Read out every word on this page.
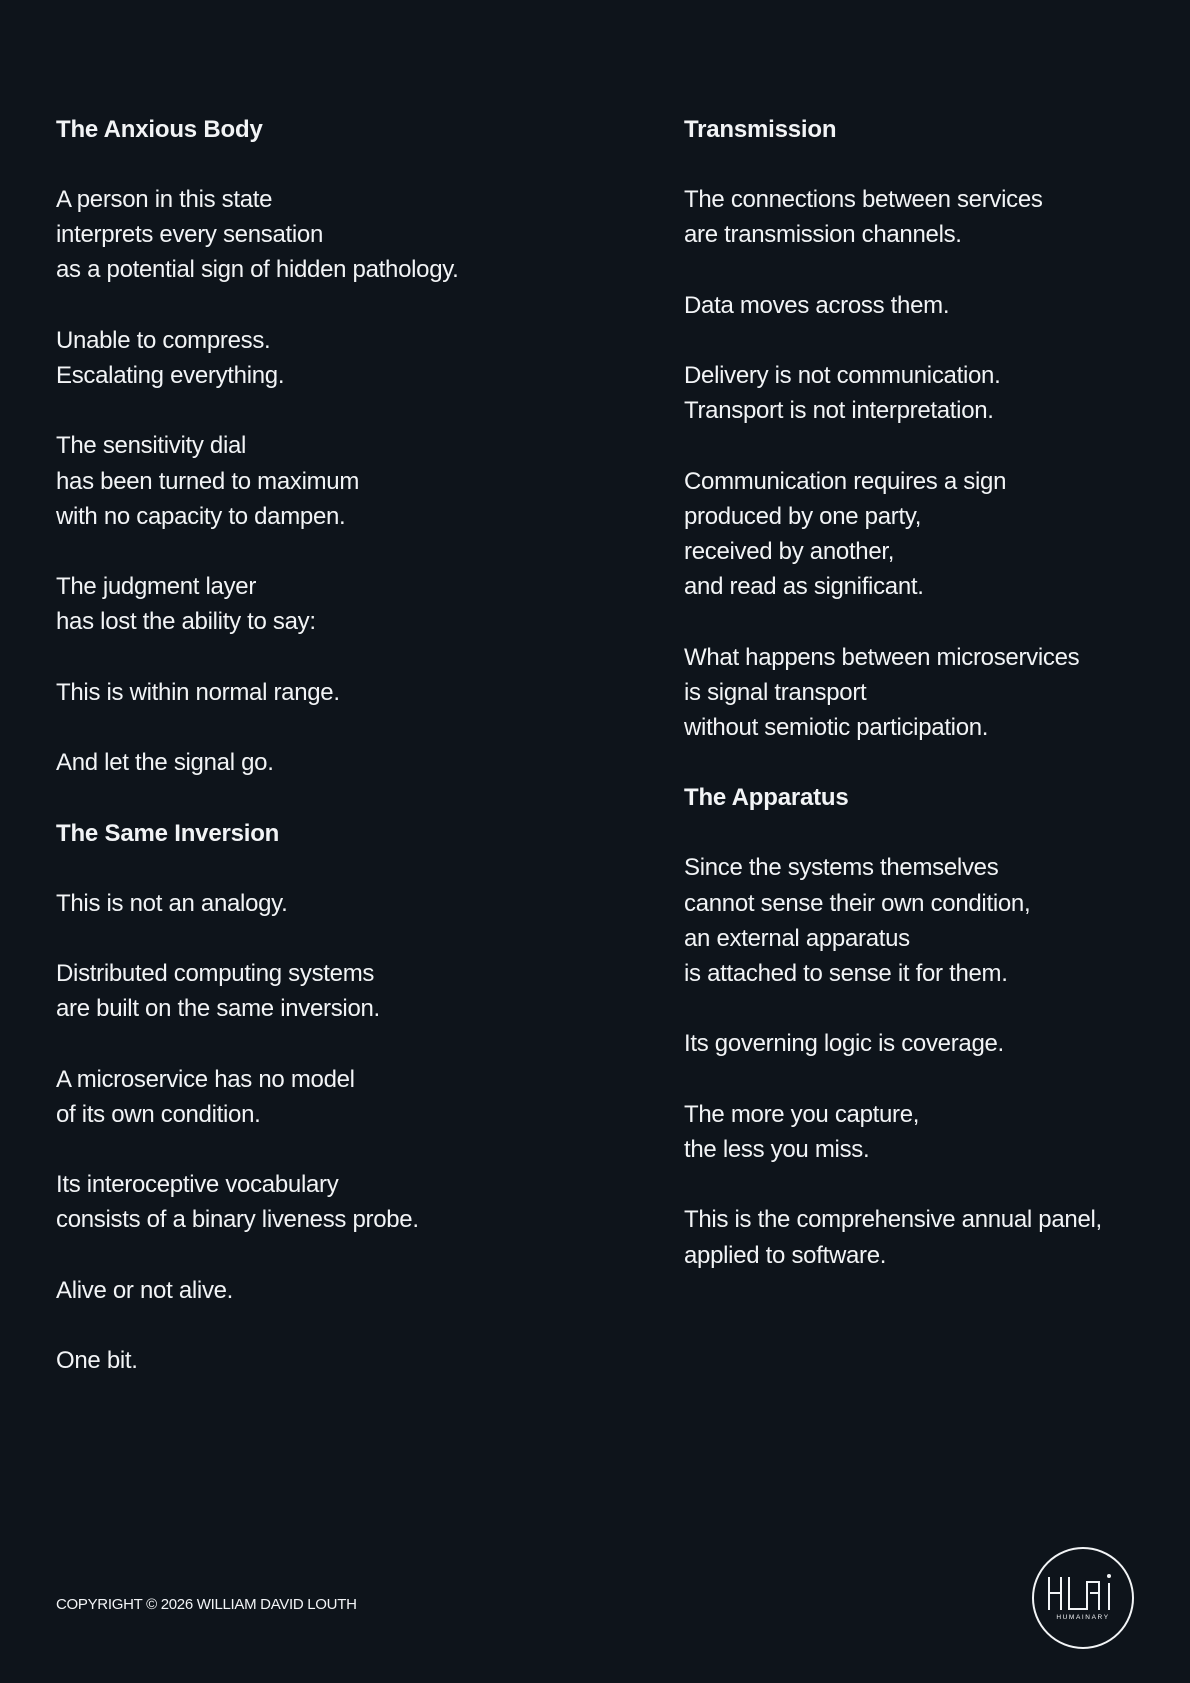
The Anxious Body
A person in this state
interprets every sensation
as a potential sign of hidden pathology.
Unable to compress.
Escalating everything.
The sensitivity dial
has been turned to maximum
with no capacity to dampen.
The judgment layer
has lost the ability to say:
This is within normal range.
And let the signal go.
The Same Inversion
This is not an analogy.
Distributed computing systems
are built on the same inversion.
A microservice has no model
of its own condition.
Its interoceptive vocabulary
consists of a binary liveness probe.
Alive or not alive.
One bit.
Transmission
The connections between services
are transmission channels.
Data moves across them.
Delivery is not communication.
Transport is not interpretation.
Communication requires a sign
produced by one party,
received by another,
and read as significant.
What happens between microservices
is signal transport
without semiotic participation.
The Apparatus
Since the systems themselves
cannot sense their own condition,
an external apparatus
is attached to sense it for them.
Its governing logic is coverage.
The more you capture,
the less you miss.
This is the comprehensive annual panel,
applied to software.
COPYRIGHT © 2026 WILLIAM DAVID LOUTH
HUMAINARY
